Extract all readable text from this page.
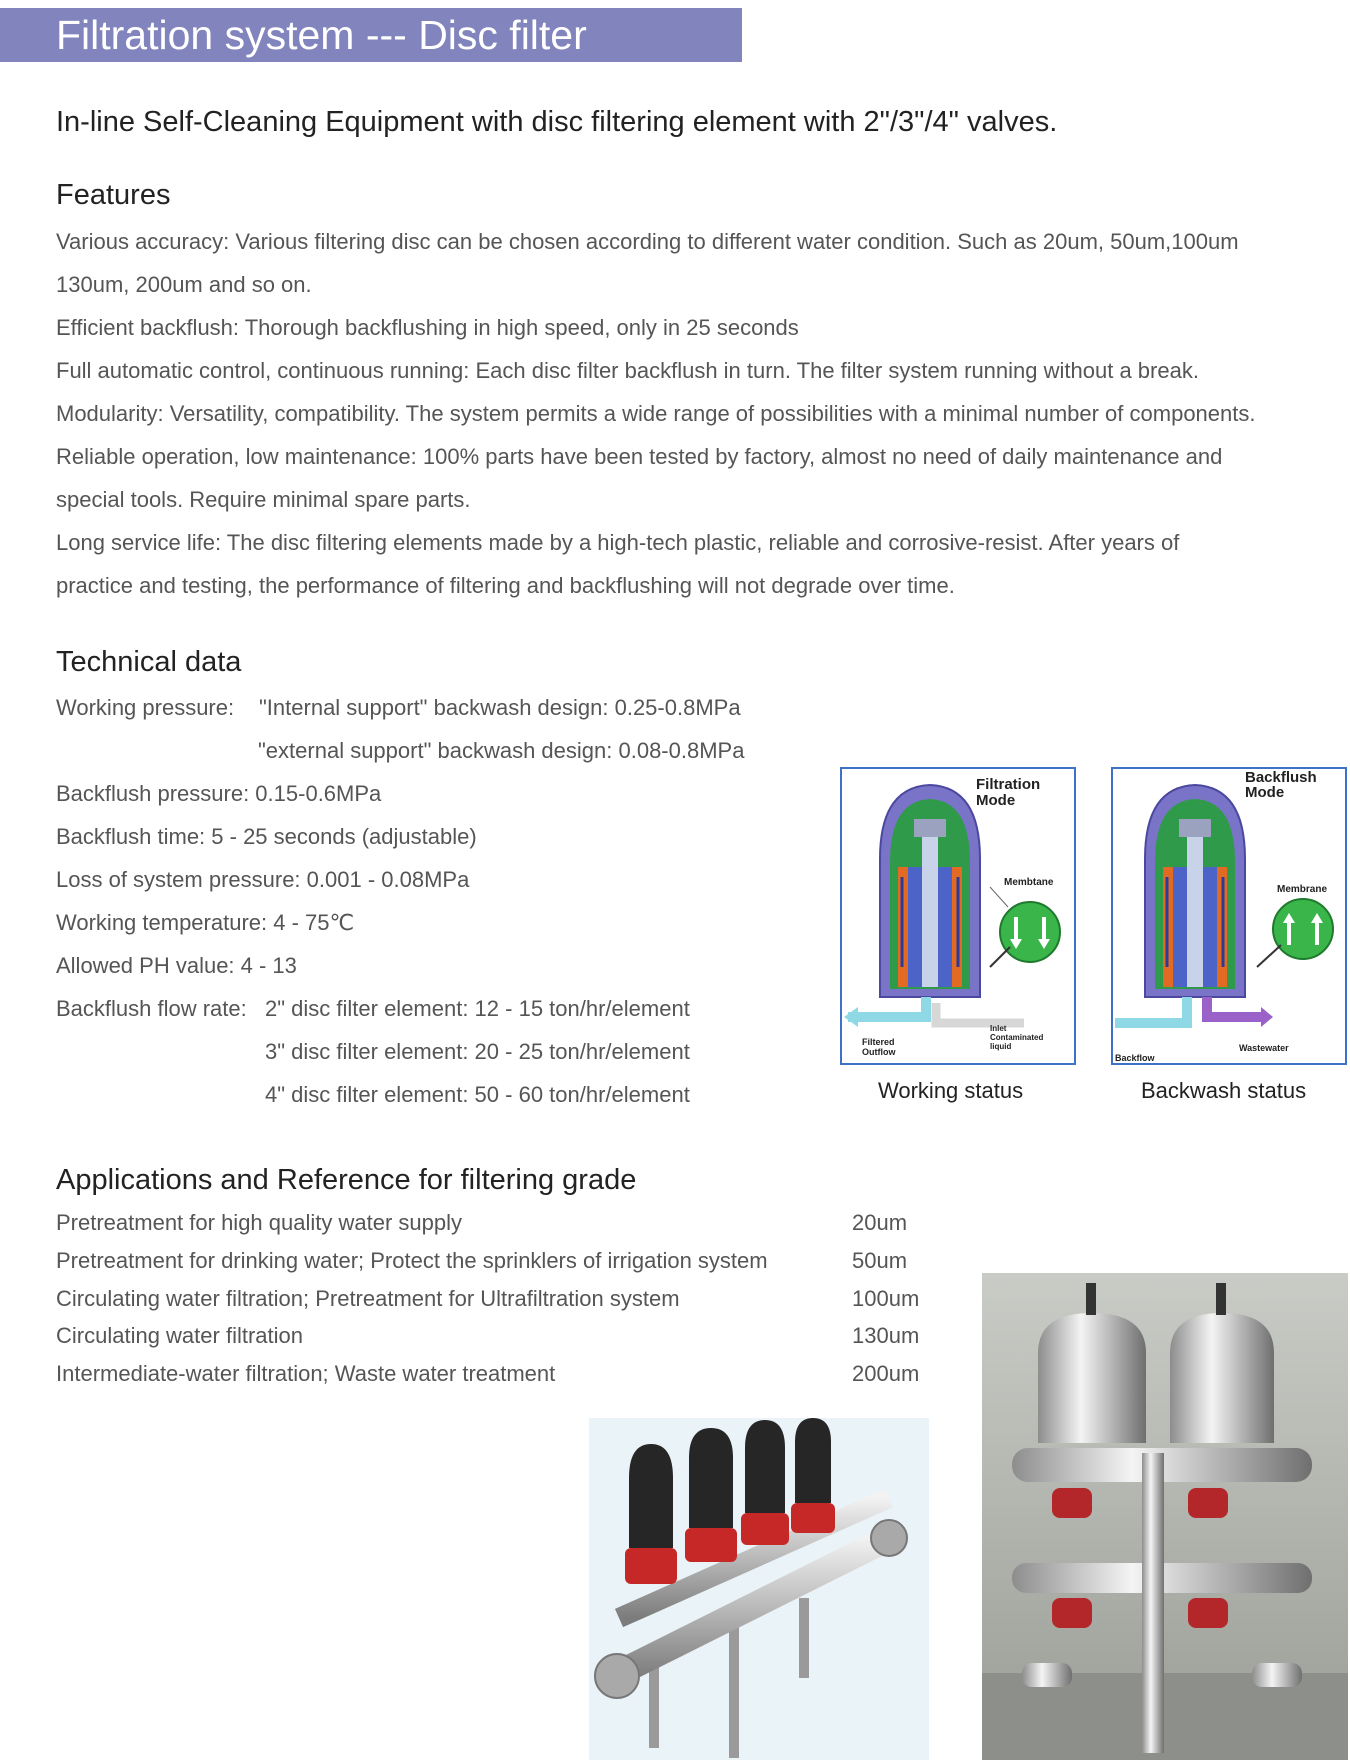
Filtration system --- Disc filter
In-line Self-Cleaning Equipment with disc filtering element with 2"/3"/4" valves.
Features
Various accuracy: Various filtering disc can be chosen according to different water condition. Such as 20um, 50um,100um
130um, 200um and so on.
Efficient backflush: Thorough backflushing in high speed, only in 25 seconds
Full automatic control, continuous running: Each disc filter backflush in turn. The filter system running without a break.
Modularity: Versatility, compatibility. The system permits a wide range of possibilities with a minimal number of components.
Reliable operation, low maintenance: 100% parts have been tested by factory, almost no need of daily maintenance and
special tools. Require minimal spare parts.
Long service life: The disc filtering elements made by a high-tech plastic, reliable and corrosive-resist. After years of
practice and testing, the performance of filtering and backflushing will not degrade over time.
Technical data
Working pressure: "Internal support" backwash design: 0.25-0.8MPa
"external support" backwash design: 0.08-0.8MPa
Backflush pressure: 0.15-0.6MPa
Backflush time: 5 - 25 seconds (adjustable)
Loss of system pressure: 0.001 - 0.08MPa
Working temperature: 4 - 75℃
Allowed PH value: 4 - 13
Backflush flow rate: 2" disc filter element: 12 - 15 ton/hr/element
3" disc filter element: 20 - 25 ton/hr/element
4" disc filter element: 50 - 60 ton/hr/element
Filtration
Mode
Membtane
Filtered
Outflow
Inlet
Contaminated
liquid
Working status
Backflush
Mode
Membrane
Backflow
Wastewater
Backwash status
Applications and Reference for filtering grade
Pretreatment for high quality water supply	20um
Pretreatment for drinking water; Protect the sprinklers of irrigation system	50um
Circulating water filtration; Pretreatment for Ultrafiltration system	100um
Circulating water filtration	130um
Intermediate-water filtration; Waste water treatment	200um
